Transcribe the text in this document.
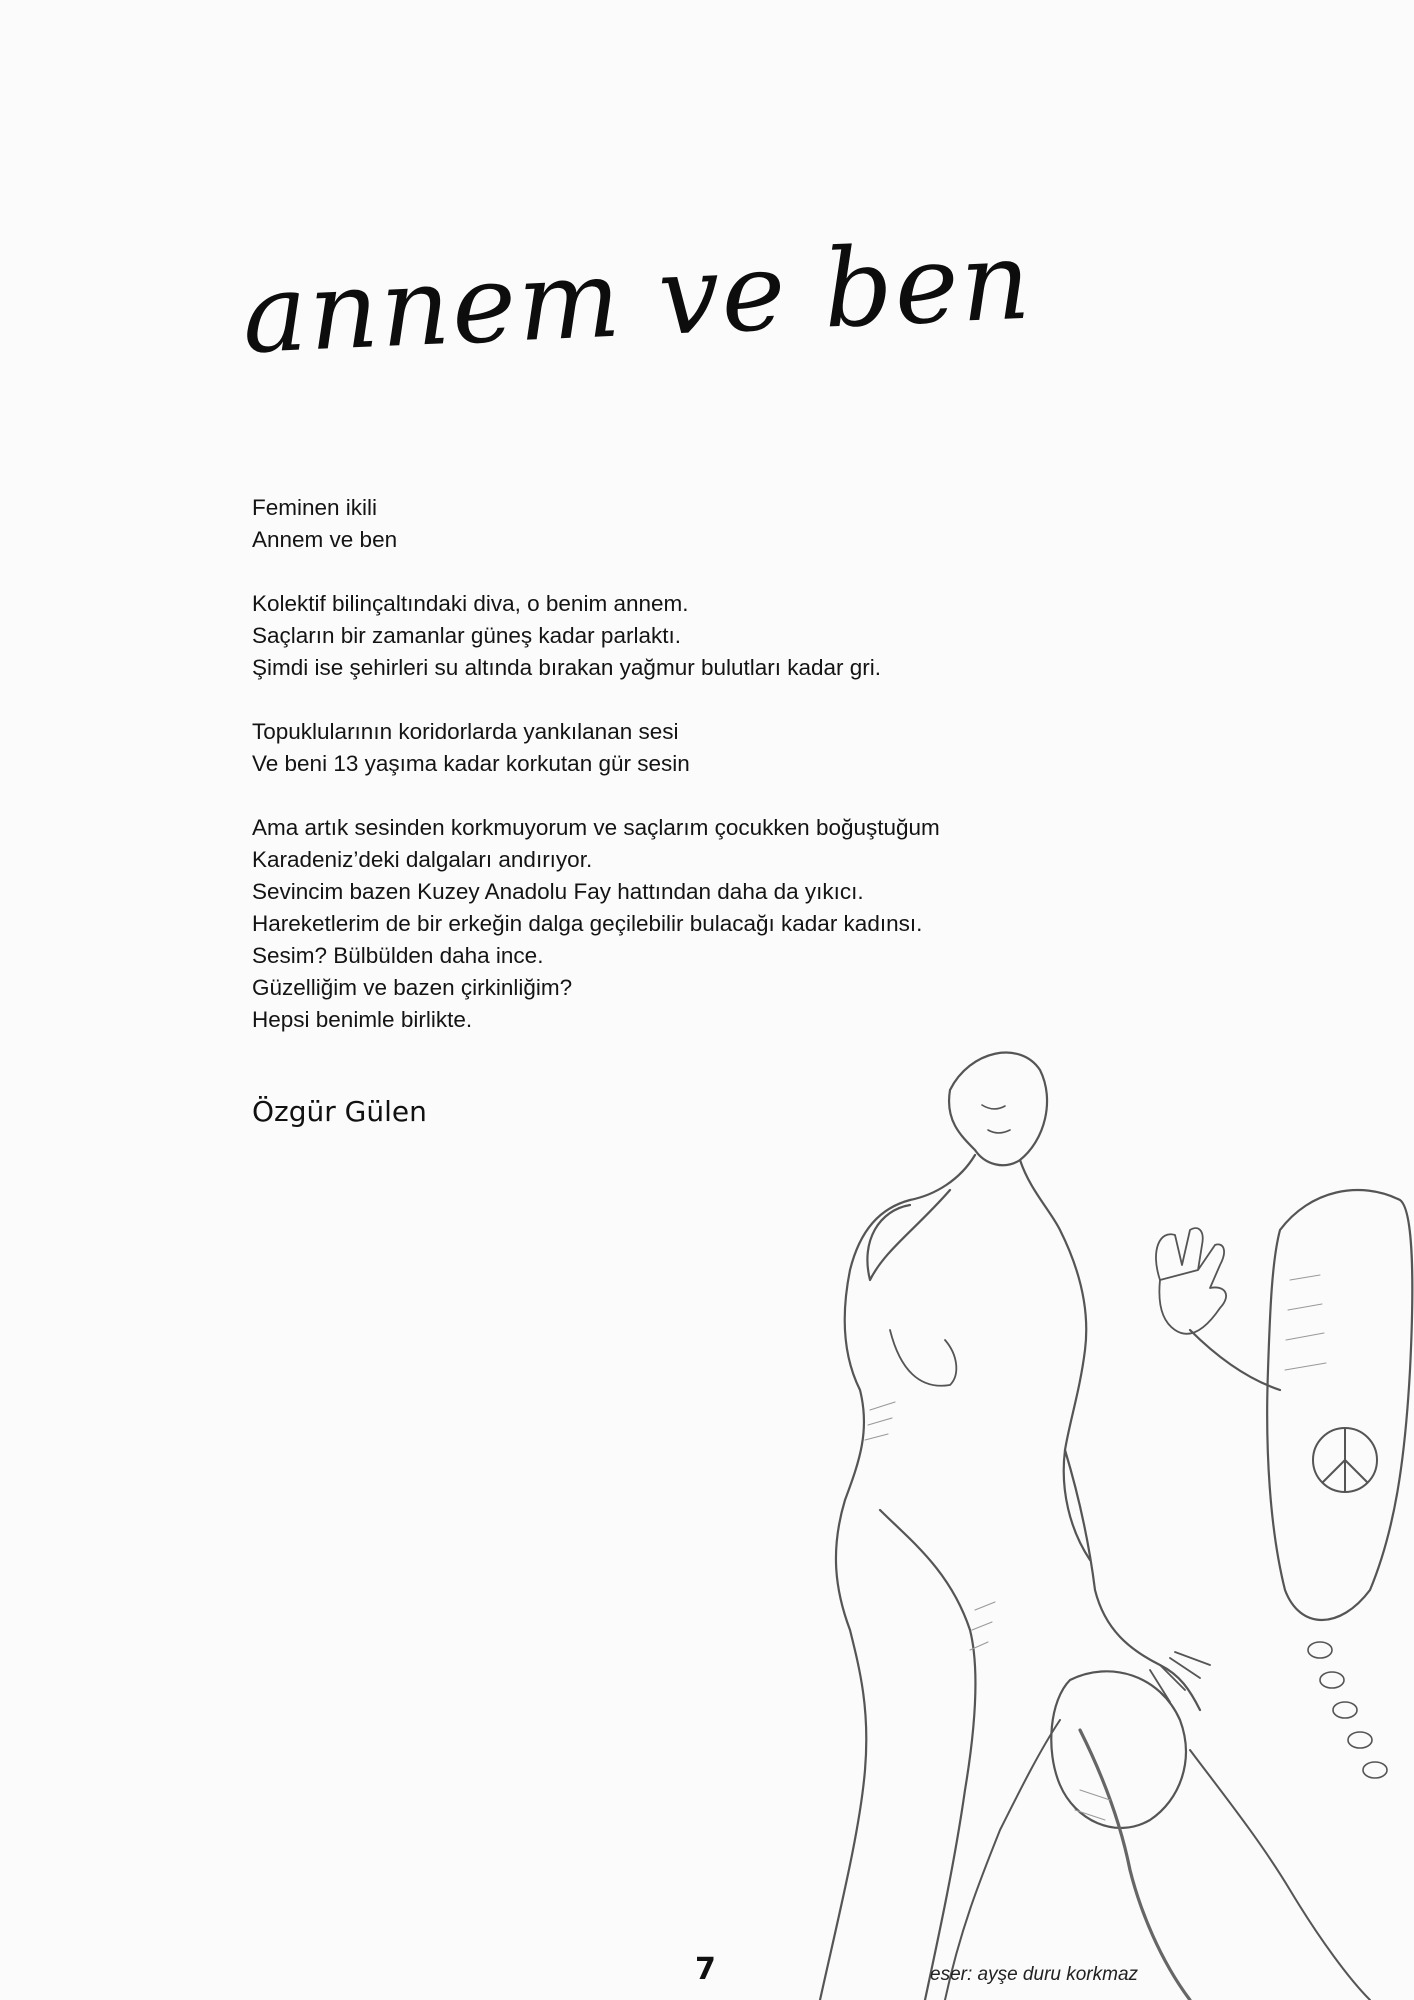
annem ve ben
Feminen ikili
Annem ve ben
Kolektif bilinçaltındaki diva, o benim annem.
Saçların bir zamanlar güneş kadar parlaktı.
Şimdi ise şehirleri su altında bırakan yağmur bulutları kadar gri.
Topuklularının koridorlarda yankılanan sesi
Ve beni 13 yaşıma kadar korkutan gür sesin
Ama artık sesinden korkmuyorum ve saçlarım çocukken boğuştuğum
Karadeniz’deki dalgaları andırıyor.
Sevincim bazen Kuzey Anadolu Fay hattından daha da yıkıcı.
Hareketlerim de bir erkeğin dalga geçilebilir bulacağı kadar kadınsı.
Sesim? Bülbülden daha ince.
Güzelliğim ve bazen çirkinliğim?
Hepsi benimle birlikte.
Özgür Gülen
7	eser: ayşe duru korkmaz
